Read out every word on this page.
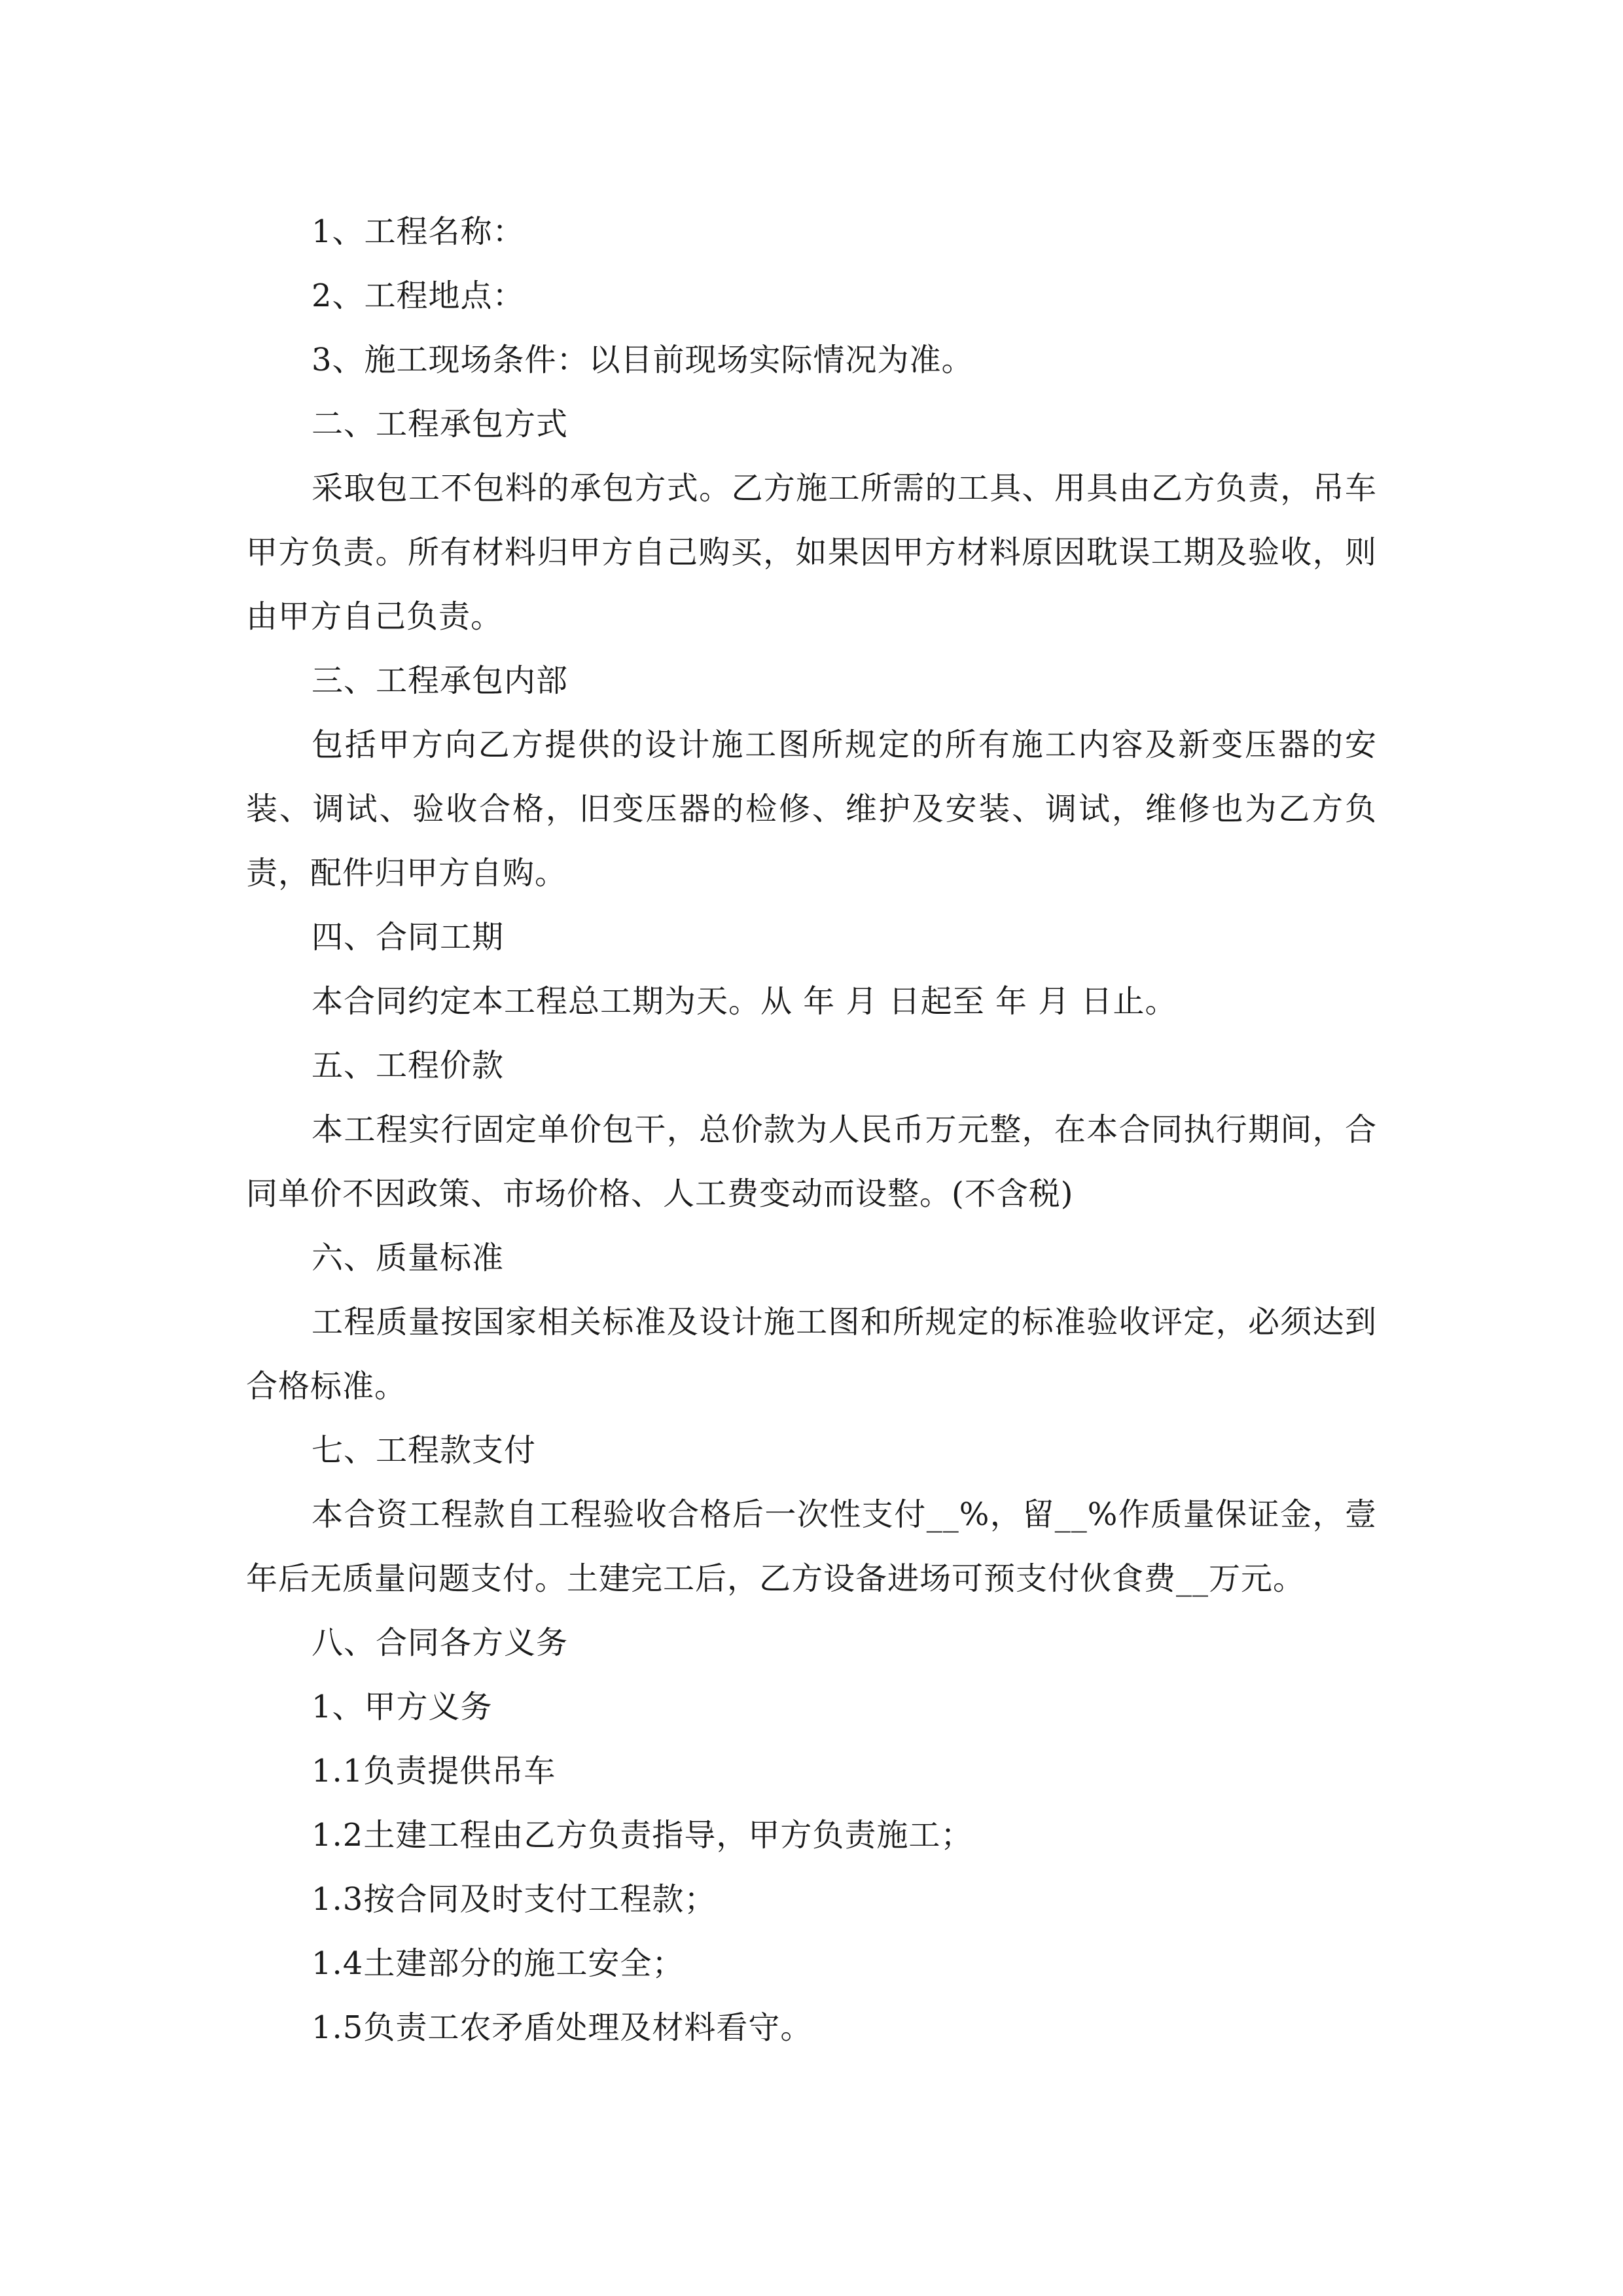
1、工程名称：

2、工程地点：

3、施工现场条件：以目前现场实际情况为准。

二、工程承包方式

采取包工不包料的承包方式。乙方施工所需的工具、用具由乙方负责，吊车甲方负责。所有材料归甲方自己购买，如果因甲方材料原因耽误工期及验收，则由甲方自己负责。

三、工程承包内部

包括甲方向乙方提供的设计施工图所规定的所有施工内容及新变压器的安装、调试、验收合格，旧变压器的检修、维护及安装、调试，维修也为乙方负责，配件归甲方自购。

四、合同工期

本合同约定本工程总工期为天。从 年 月 日起至 年 月 日止。

五、工程价款

本工程实行固定单价包干，总价款为人民币万元整，在本合同执行期间，合同单价不因政策、市场价格、人工费变动而设整。(不含税)

六、质量标准

工程质量按国家相关标准及设计施工图和所规定的标准验收评定，必须达到合格标准。

七、工程款支付

本合资工程款自工程验收合格后一次性支付__%，留__%作质量保证金，壹年后无质量问题支付。土建完工后，乙方设备进场可预支付伙食费__万元。

八、合同各方义务

1、甲方义务

1.1负责提供吊车

1.2土建工程由乙方负责指导，甲方负责施工；

1.3按合同及时支付工程款；

1.4土建部分的施工安全；

1.5负责工农矛盾处理及材料看守。
